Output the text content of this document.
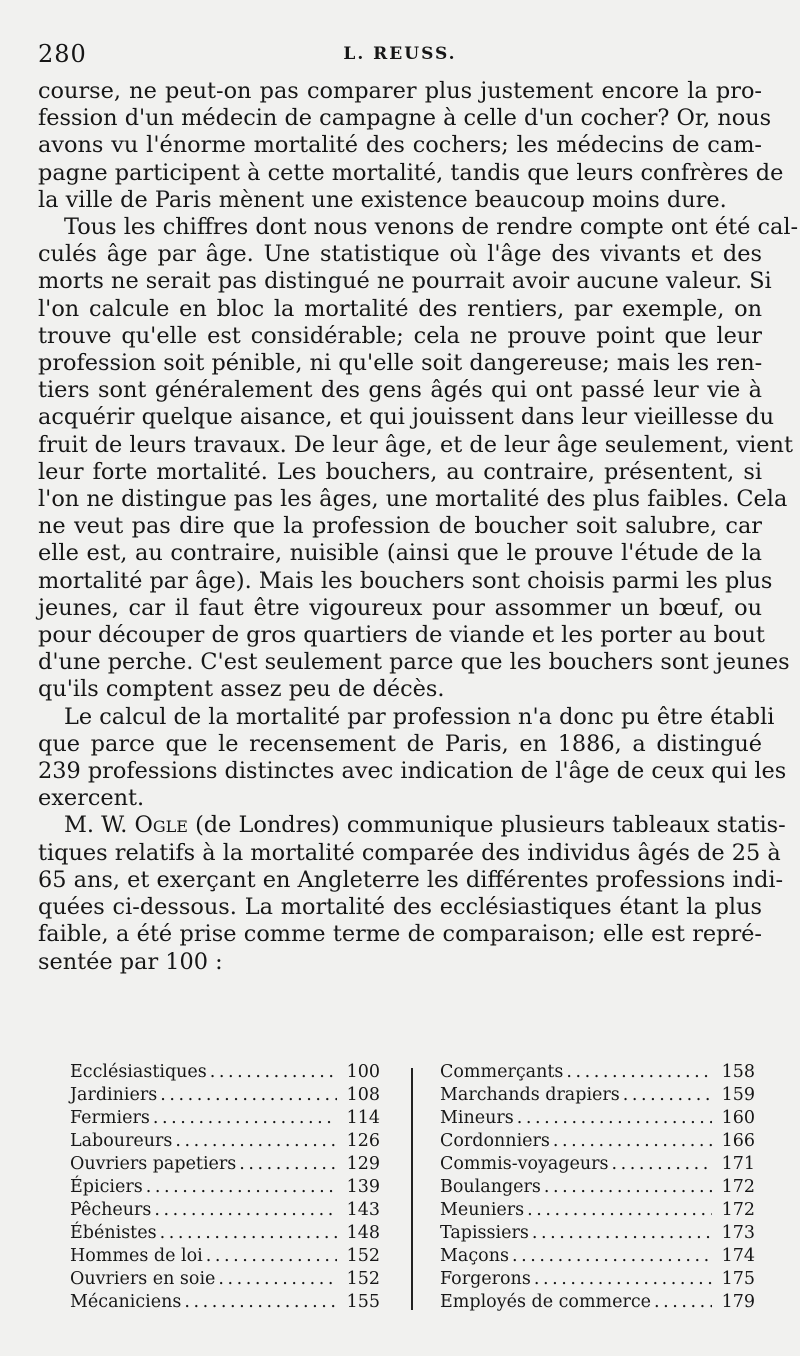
280	L. REUSS.

course, ne peut-on pas comparer plus justement encore la pro-

fession d'un médecin de campagne à celle d'un cocher? Or, nous

avons vu l'énorme mortalité des cochers; les médecins de cam-

pagne participent à cette mortalité, tandis que leurs confrères de

la ville de Paris mènent une existence beaucoup moins dure.

Tous les chiffres dont nous venons de rendre compte ont été cal-

culés âge par âge. Une statistique où l'âge des vivants et des

morts ne serait pas distingué ne pourrait avoir aucune valeur. Si

l'on calcule en bloc la mortalité des rentiers, par exemple, on

trouve qu'elle est considérable; cela ne prouve point que leur

profession soit pénible, ni qu'elle soit dangereuse; mais les ren-

tiers sont généralement des gens âgés qui ont passé leur vie à

acquérir quelque aisance, et qui jouissent dans leur vieillesse du

fruit de leurs travaux. De leur âge, et de leur âge seulement, vient

leur forte mortalité. Les bouchers, au contraire, présentent, si

l'on ne distingue pas les âges, une mortalité des plus faibles. Cela

ne veut pas dire que la profession de boucher soit salubre, car

elle est, au contraire, nuisible (ainsi que le prouve l'étude de la

mortalité par âge). Mais les bouchers sont choisis parmi les plus

jeunes, car il faut être vigoureux pour assommer un bœuf, ou

pour découper de gros quartiers de viande et les porter au bout

d'une perche. C'est seulement parce que les bouchers sont jeunes

qu'ils comptent assez peu de décès.

Le calcul de la mortalité par profession n'a donc pu être établi

que parce que le recensement de Paris, en 1886, a distingué

239 professions distinctes avec indication de l'âge de ceux qui les

exercent.

M. W. Ogle (de Londres) communique plusieurs tableaux statis-

tiques relatifs à la mortalité comparée des individus âgés de 25 à

65 ans, et exerçant en Angleterre les différentes professions indi-

quées ci-dessous. La mortalité des ecclésiastiques étant la plus

faible, a été prise comme terme de comparaison; elle est repré-

sentée par 100 :

Ecclésiastiques . . .	100
Jardiniers . . .	108
Fermiers . . .	114
Laboureurs . . .	126
Ouvriers papetiers . . .	129
Épiciers . . .	139
Pêcheurs . . .	143
Ébénistes . . .	148
Hommes de loi . . .	152
Ouvriers en soie . . .	152
Mécaniciens . . .	155
Commerçants . . .	158
Marchands drapiers . . .	159
Mineurs . . .	160
Cordonniers . . .	166
Commis-voyageurs . . .	171
Boulangers . . .	172
Meuniers . . .	172
Tapissiers . . .	173
Maçons . . .	174
Forgerons . . .	175
Employés de commerce . . .	179
